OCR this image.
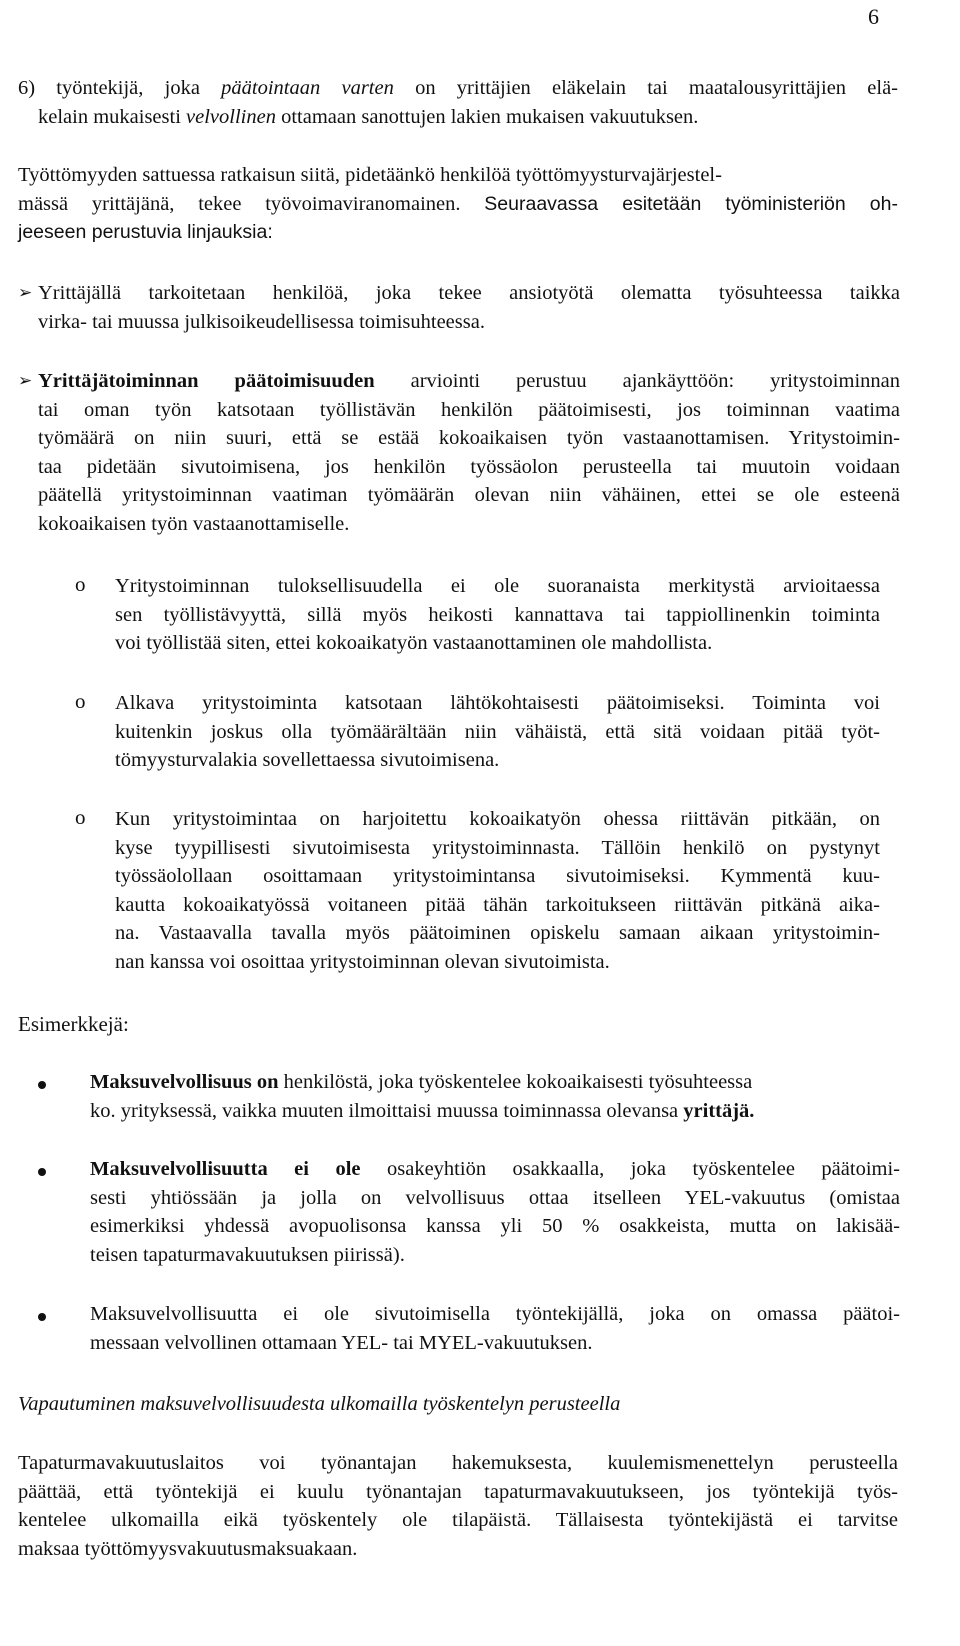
6
6) työntekijä, joka päätointaan varten on yrittäjien eläkelain tai maatalousyrittäjien elä-
kelain mukaisesti velvollinen ottamaan sanottujen lakien mukaisen vakuutuksen.
Työttömyyden sattuessa ratkaisun siitä, pidetäänkö henkilöä työttömyysturvajärjestel-
mässä yrittäjänä, tekee työvoimaviranomainen. Seuraavassa esitetään työministeriön oh-
jeeseen perustuvia linjauksia:
➢ Yrittäjällä tarkoitetaan henkilöä, joka tekee ansiotyötä olematta työsuhteessa taikka
virka- tai muussa julkisoikeudellisessa toimisuhteessa.
➢ Yrittäjätoiminnan päätoimisuuden arviointi perustuu ajankäyttöön: yritystoiminnan
tai oman työn katsotaan työllistävän henkilön päätoimisesti, jos toiminnan vaatima
työmäärä on niin suuri, että se estää kokoaikaisen työn vastaanottamisen. Yritystoimin-
taa pidetään sivutoimisena, jos henkilön työssäolon perusteella tai muutoin voidaan
päätellä yritystoiminnan vaatiman työmäärän olevan niin vähäinen, ettei se ole esteenä
kokoaikaisen työn vastaanottamiselle.
o Yritystoiminnan tuloksellisuudella ei ole suoranaista merkitystä arvioitaessa
sen työllistävyyttä, sillä myös heikosti kannattava tai tappiollinenkin toiminta
voi työllistää siten, ettei kokoaikatyön vastaanottaminen ole mahdollista.
o Alkava yritystoiminta katsotaan lähtökohtaisesti päätoimiseksi. Toiminta voi
kuitenkin joskus olla työmäärältään niin vähäistä, että sitä voidaan pitää työt-
tömyysturvalakia sovellettaessa sivutoimisena.
o Kun yritystoimintaa on harjoitettu kokoaikatyön ohessa riittävän pitkään, on
kyse tyypillisesti sivutoimisesta yritystoiminnasta. Tällöin henkilö on pystynyt
työssäolollaan osoittamaan yritystoimintansa sivutoimiseksi. Kymmentä kuu-
kautta kokoaikatyössä voitaneen pitää tähän tarkoitukseen riittävän pitkänä aika-
na. Vastaavalla tavalla myös päätoiminen opiskelu samaan aikaan yritystoimin-
nan kanssa voi osoittaa yritystoiminnan olevan sivutoimista.
Esimerkkejä:
Maksuvelvollisuus on henkilöstä, joka työskentelee kokoaikaisesti työsuhteessa
ko. yrityksessä, vaikka muuten ilmoittaisi muussa toiminnassa olevansa yrittäjä.
Maksuvelvollisuutta ei ole osakeyhtiön osakkaalla, joka työskentelee päätoimi-
sesti yhtiössään ja jolla on velvollisuus ottaa itselleen YEL-vakuutus (omistaa
esimerkiksi yhdessä avopuolisonsa kanssa yli 50 % osakkeista, mutta on lakisää-
teisen tapaturmavakuutuksen piirissä).
Maksuvelvollisuutta ei ole sivutoimisella työntekijällä, joka on omassa päätoi-
messaan velvollinen ottamaan YEL- tai MYEL-vakuutuksen.
Vapautuminen maksuvelvollisuudesta ulkomailla työskentelyn perusteella
Tapaturmavakuutuslaitos voi työnantajan hakemuksesta, kuulemismenettelyn perusteella
päättää, että työntekijä ei kuulu työnantajan tapaturmavakuutukseen, jos työntekijä työs-
kentelee ulkomailla eikä työskentely ole tilapäistä. Tällaisesta työntekijästä ei tarvitse
maksaa työttömyysvakuutusmaksuakaan.
